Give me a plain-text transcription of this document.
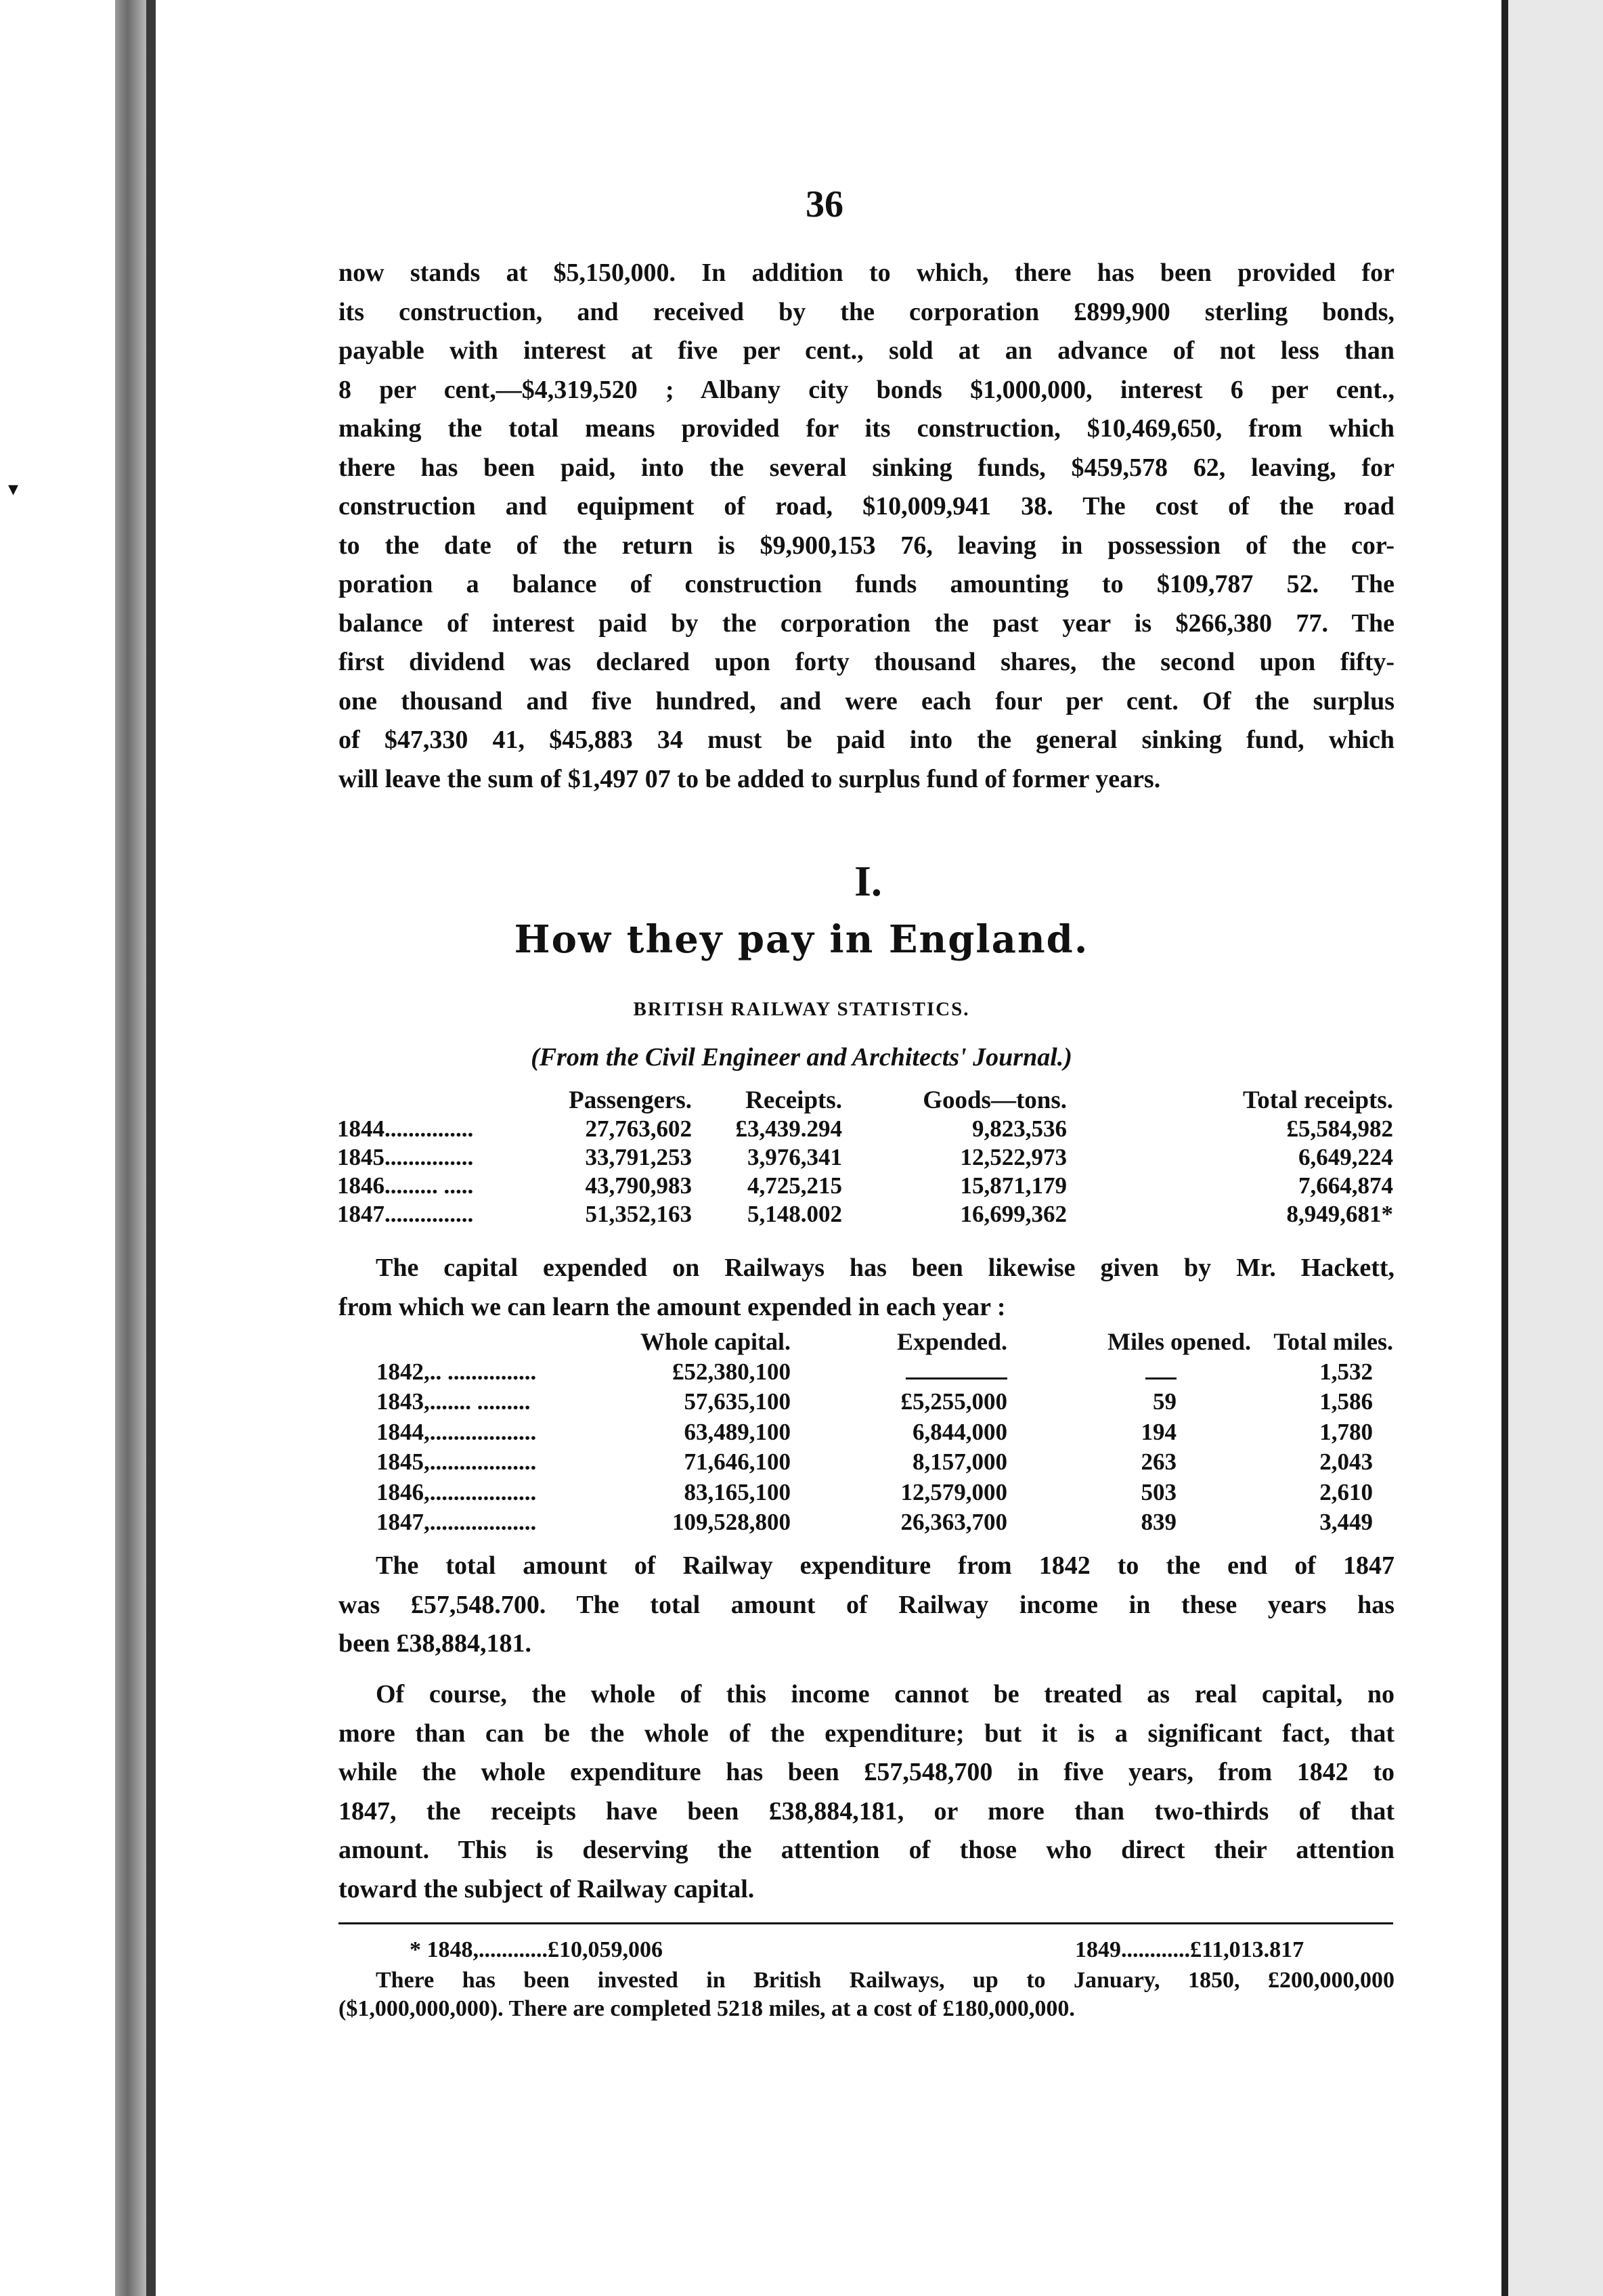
▾
36

now stands at $5,150,000. In addition to which, there has been provided for
its construction, and received by the corporation £899,900 sterling bonds,
payable with interest at five per cent., sold at an advance of not less than
8 per cent,—$4,319,520 ; Albany city bonds $1,000,000, interest 6 per cent.,
making the total means provided for its construction, $10,469,650, from which
there has been paid, into the several sinking funds, $459,578 62, leaving, for
construction and equipment of road, $10,009,941 38. The cost of the road
to the date of the return is $9,900,153 76, leaving in possession of the cor-
poration a balance of construction funds amounting to $109,787 52. The
balance of interest paid by the corporation the past year is $266,380 77. The
first dividend was declared upon forty thousand shares, the second upon fifty-
one thousand and five hundred, and were each four per cent. Of the surplus
of $47,330 41, $45,883 34 must be paid into the general sinking fund, which
will leave the sum of $1,497 07 to be added to surplus fund of former years.

I.
How they pay in England.
BRITISH RAILWAY STATISTICS.
(From the Civil Engineer and Architects' Journal.)
	Passengers.	Receipts.	Goods—tons.	Total receipts.
1844...............	27,763,602	£3,439.294	9,823,536	£5,584,982
1845...............	33,791,253	3,976,341	12,522,973	6,649,224
1846......... .....	43,790,983	4,725,215	15,871,179	7,664,874
1847...............	51,352,163	5,148.002	16,699,362	8,949,681*

The capital expended on Railways has been likewise given by Mr. Hackett,
from which we can learn the amount expended in each year :

	Whole capital.	Expended.	Miles opened.	Total miles.
1842,.. ...............	£52,380,100			1,532
1843,....... .........	57,635,100	£5,255,000	59	1,586
1844,..................	63,489,100	6,844,000	194	1,780
1845,..................	71,646,100	8,157,000	263	2,043
1846,..................	83,165,100	12,579,000	503	2,610
1847,..................	109,528,800	26,363,700	839	3,449

The total amount of Railway expenditure from 1842 to the end of 1847
was £57,548.700. The total amount of Railway income in these years has
been £38,884,181.

Of course, the whole of this income cannot be treated as real capital, no
more than can be the whole of the expenditure; but it is a significant fact, that
while the whole expenditure has been £57,548,700 in five years, from 1842 to
1847, the receipts have been £38,884,181, or more than two-thirds of that
amount. This is deserving the attention of those who direct their attention
toward the subject of Railway capital.

* 1848,............£10,059,006	1849............£11,013.817
There has been invested in British Railways, up to January, 1850, £200,000,000
($1,000,000,000). There are completed 5218 miles, at a cost of £180,000,000.
